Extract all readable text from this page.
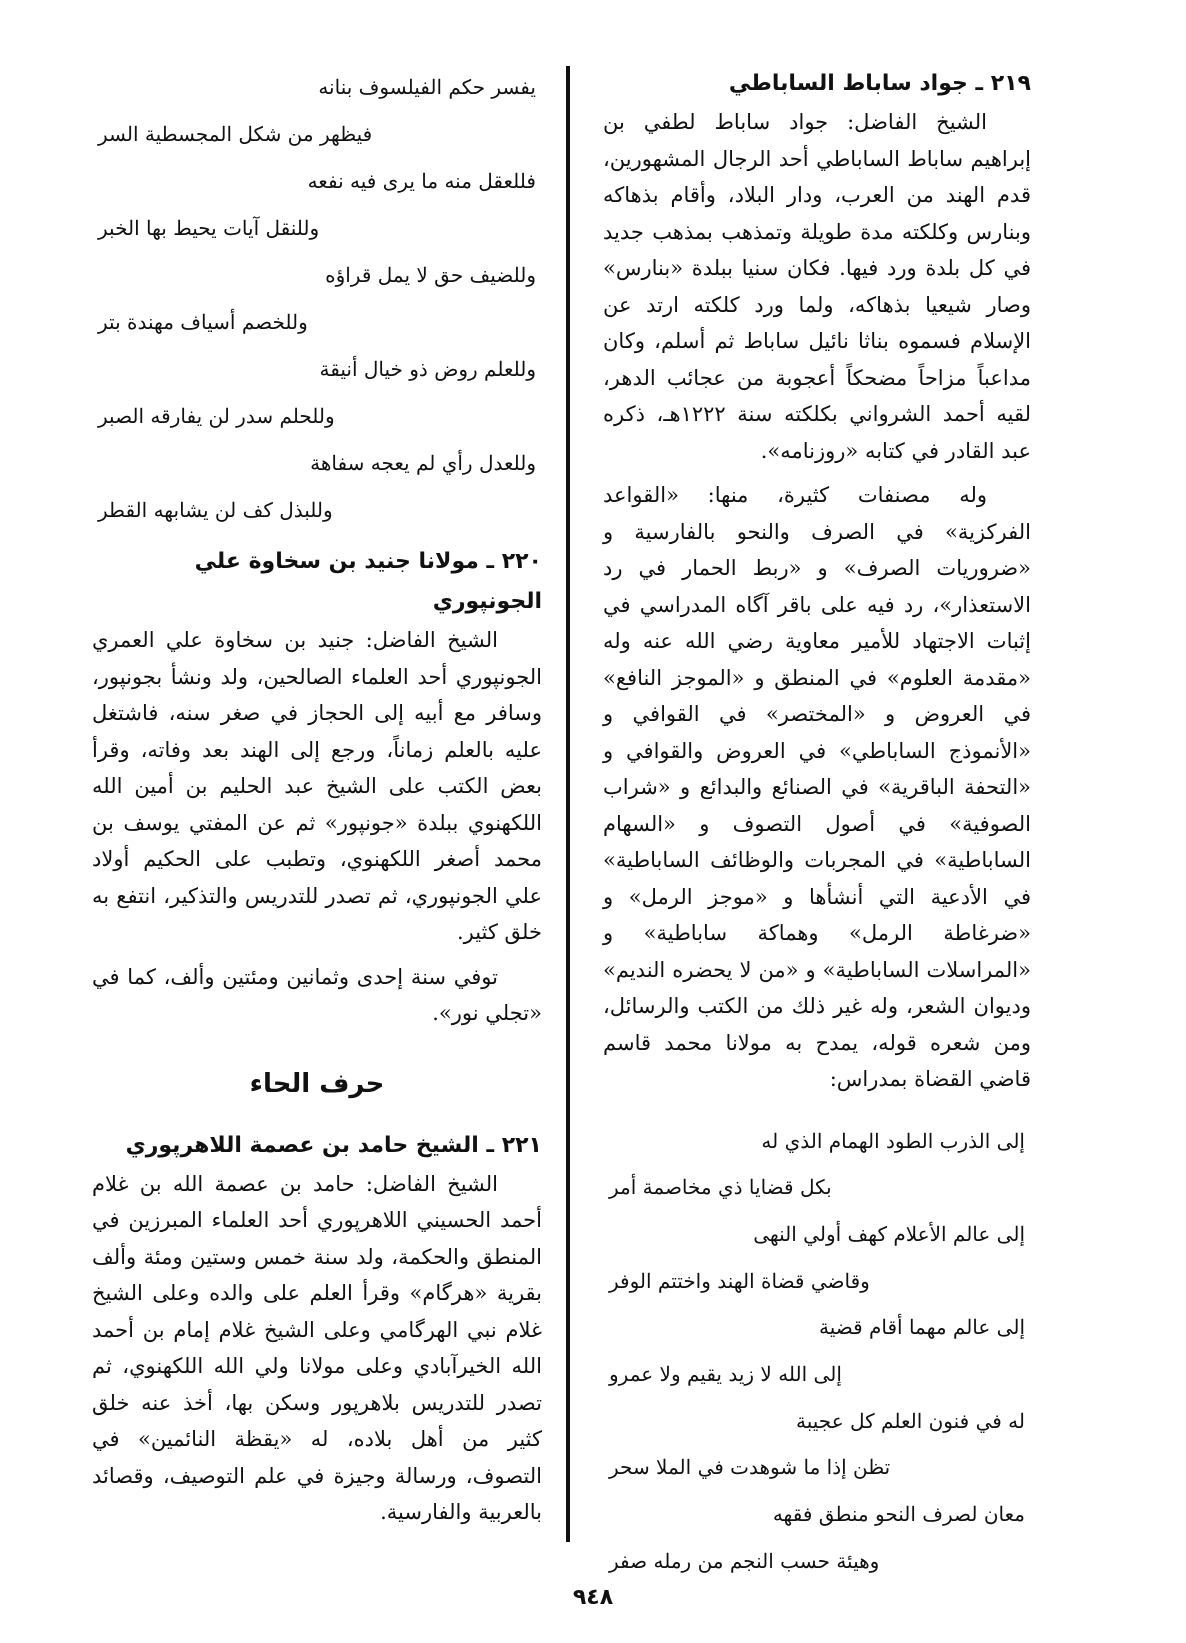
٢١٩ ـ جواد ساباط الساباطي

الشيخ الفاضل: جواد ساباط لطفي بن إبراهيم ساباط الساباطي أحد الرجال المشهورين، قدم الهند من العرب، ودار البلاد، وأقام بذهاكه وبنارس وكلكته مدة طويلة وتمذهب بمذهب جديد في كل بلدة ورد فيها. فكان سنيا ببلدة «بنارس» وصار شيعيا بذهاكه، ولما ورد كلكته ارتد عن الإسلام فسموه بناثا نائيل ساباط ثم أسلم، وكان مداعباً مزاحاً مضحكاً أعجوبة من عجائب الدهر، لقيه أحمد الشرواني بكلكته سنة ١٢٢٢هـ، ذكره عبد القادر في كتابه «روزنامه».

وله مصنفات كثيرة، منها: «القواعد الفركزية» في الصرف والنحو بالفارسية و «ضروريات الصرف» و «ربط الحمار في رد الاستعذار»، رد فيه على باقر آگاه المدراسي في إثبات الاجتهاد للأمير معاوية رضي الله عنه وله «مقدمة العلوم» في المنطق و «الموجز النافع» في العروض و «المختصر» في القوافي و «الأنموذج الساباطي» في العروض والقوافي و «التحفة الباقرية» في الصنائع والبدائع و «شراب الصوفية» في أصول التصوف و «السهام الساباطية» في المجربات والوظائف الساباطية» في الأدعية التي أنشأها و «موجز الرمل» و «ضرغاطة الرمل» وهماكة ساباطية» و «المراسلات الساباطية» و «من لا يحضره النديم» وديوان الشعر، وله غير ذلك من الكتب والرسائل، ومن شعره قوله، يمدح به مولانا محمد قاسم قاضي القضاة بمدراس:

إلى الذرب الطود الهمام الذي له

بكل قضايا ذي مخاصمة أمر

إلى عالم الأعلام كهف أولي النهى

وقاضي قضاة الهند واختتم الوفر

إلى عالم مهما أقام قضية

إلى الله لا زيد يقيم ولا عمرو

له في فنون العلم كل عجيبة

تظن إذا ما شوهدت في الملا سحر

معان لصرف النحو منطق فقهه

وهيئة حسب النجم من رمله صفر

يفسر حكم الفيلسوف بنانه

فيظهر من شكل المجسطية السر

فللعقل منه ما يرى فيه نفعه

وللنقل آيات يحيط بها الخبر

وللضيف حق لا يمل قراؤه

وللخصم أسياف مهندة بتر

وللعلم روض ذو خيال أنيقة

وللحلم سدر لن يفارقه الصبر

وللعدل رأي لم يعجه سفاهة

وللبذل كف لن يشابهه القطر

٢٢٠ ـ مولانا جنيد بن سخاوة علي الجونپوري

الشيخ الفاضل: جنيد بن سخاوة علي العمري الجونپوري أحد العلماء الصالحين، ولد ونشأ بجونپور، وسافر مع أبيه إلى الحجاز في صغر سنه، فاشتغل عليه بالعلم زماناً، ورجع إلى الهند بعد وفاته، وقرأ بعض الكتب على الشيخ عبد الحليم بن أمين الله اللكهنوي ببلدة «جونپور» ثم عن المفتي يوسف بن محمد أصغر اللكهنوي، وتطبب على الحكيم أولاد علي الجونپوري، ثم تصدر للتدريس والتذكير، انتفع به خلق كثير.

توفي سنة إحدى وثمانين ومئتين وألف، كما في «تجلي نور».

حرف الحاء

٢٢١ ـ الشيخ حامد بن عصمة اللاهرپوري

الشيخ الفاضل: حامد بن عصمة الله بن غلام أحمد الحسيني اللاهرپوري أحد العلماء المبرزين في المنطق والحكمة، ولد سنة خمس وستين ومئة وألف بقرية «هرگام» وقرأ العلم على والده وعلى الشيخ غلام نبي الهرگامي وعلى الشيخ غلام إمام بن أحمد الله الخيرآبادي وعلى مولانا ولي الله اللكهنوي، ثم تصدر للتدريس بلاهرپور وسكن بها، أخذ عنه خلق كثير من أهل بلاده، له «يقظة النائمين» في التصوف، ورسالة وجيزة في علم التوصيف، وقصائد بالعربية والفارسية.

٩٤٨
